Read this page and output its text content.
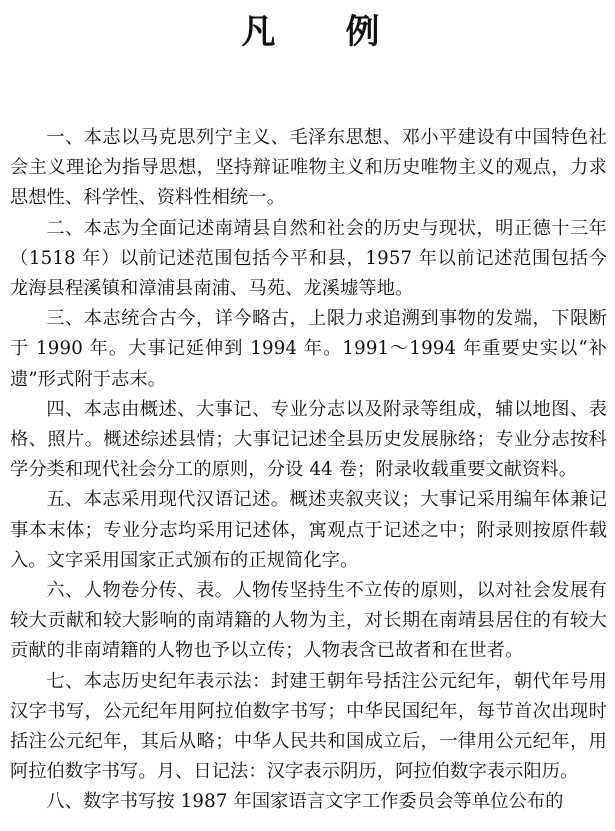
凡 例

一、本志以马克思列宁主义、毛泽东思想、邓小平建设有中国特色社会主义理论为指导思想，坚持辩证唯物主义和历史唯物主义的观点，力求思想性、科学性、资料性相统一。

二、本志为全面记述南靖县自然和社会的历史与现状，明正德十三年（1518 年）以前记述范围包括今平和县，1957 年以前记述范围包括今龙海县程溪镇和漳浦县南浦、马苑、龙溪墟等地。

三、本志统合古今，详今略古，上限力求追溯到事物的发端，下限断于 1990 年。大事记延伸到 1994 年。1991～1994 年重要史实以“补遗”形式附于志末。

四、本志由概述、大事记、专业分志以及附录等组成，辅以地图、表格、照片。概述综述县情；大事记记述全县历史发展脉络；专业分志按科学分类和现代社会分工的原则，分设 44 卷；附录收载重要文献资料。

五、本志采用现代汉语记述。概述夹叙夹议；大事记采用编年体兼记事本末体；专业分志均采用记述体，寓观点于记述之中；附录则按原件载入。文字采用国家正式颁布的正规简化字。

六、人物卷分传、表。人物传坚持生不立传的原则，以对社会发展有较大贡献和较大影响的南靖籍的人物为主，对长期在南靖县居住的有较大贡献的非南靖籍的人物也予以立传；人物表含已故者和在世者。

七、本志历史纪年表示法：封建王朝年号括注公元纪年，朝代年号用汉字书写，公元纪年用阿拉伯数字书写；中华民国纪年，每节首次出现时括注公元纪年，其后从略；中华人民共和国成立后，一律用公元纪年，用阿拉伯数字书写。月、日记法：汉字表示阴历，阿拉伯数字表示阳历。

八、数字书写按 1987 年国家语言文字工作委员会等单位公布的
